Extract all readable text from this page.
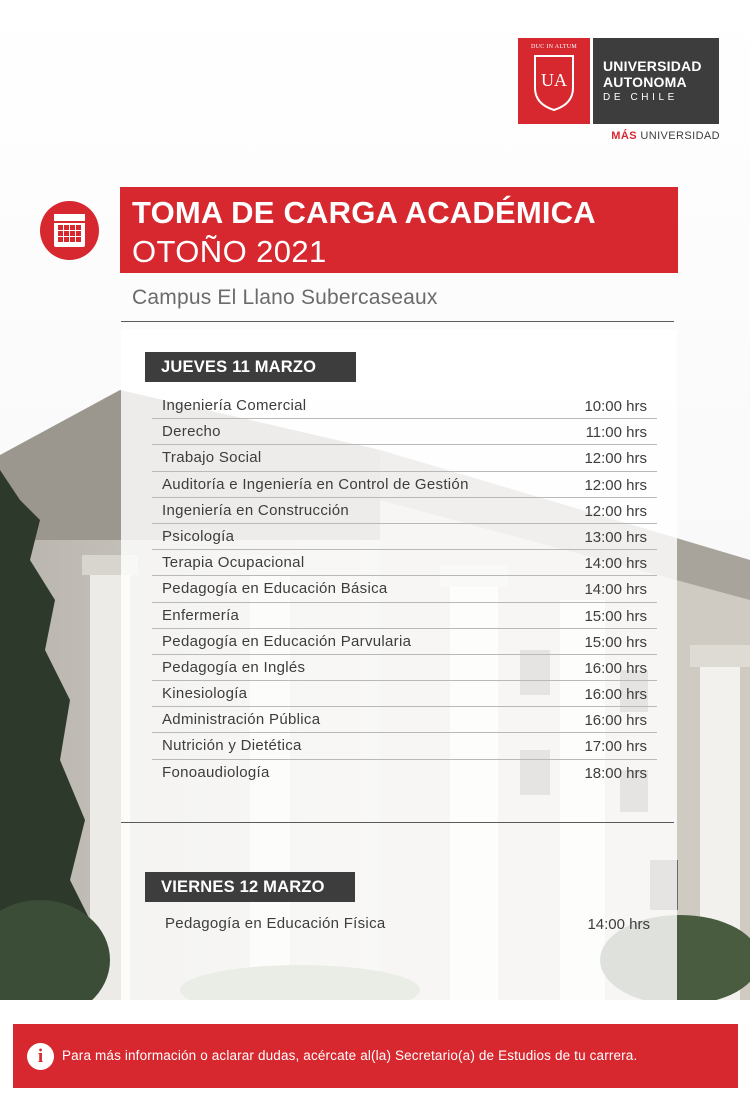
DUC IN ALTUM
UA
UNIVERSIDAD
AUTONOMA
DE CHILE
MÁS UNIVERSIDAD
TOMA DE CARGA ACADÉMICA
OTOÑO 2021
Campus El Llano Subercaseaux
JUEVES 11 MARZO
Ingeniería Comercial	10:00 hrs
Derecho	11:00 hrs
Trabajo Social	12:00 hrs
Auditoría e Ingeniería en Control de Gestión	12:00 hrs
Ingeniería en Construcción	12:00 hrs
Psicología	13:00 hrs
Terapia Ocupacional	14:00 hrs
Pedagogía en Educación Básica	14:00 hrs
Enfermería	15:00 hrs
Pedagogía en Educación Parvularia	15:00 hrs
Pedagogía en Inglés	16:00 hrs
Kinesiología	16:00 hrs
Administración Pública	16:00 hrs
Nutrición y Dietética	17:00 hrs
Fonoaudiología	18:00 hrs
VIERNES 12 MARZO
Pedagogía en Educación Física	14:00 hrs
i	Para más información o aclarar dudas, acércate al(la) Secretario(a) de Estudios de tu carrera.
